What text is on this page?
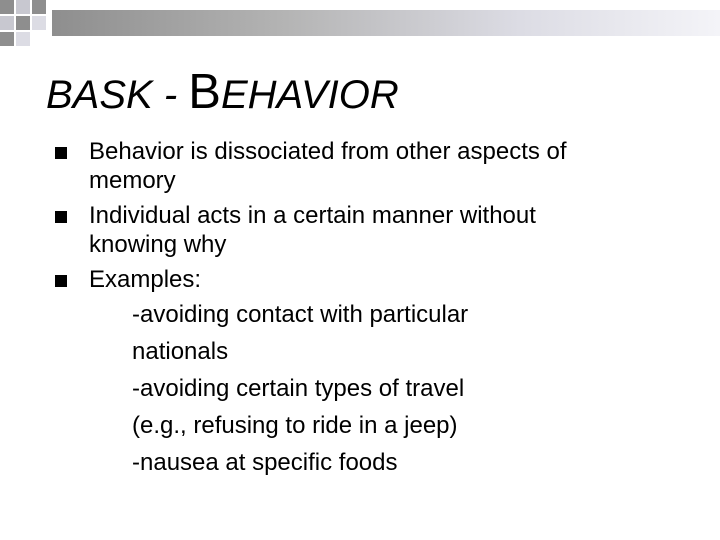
BASK - BEHAVIOR
Behavior is dissociated from other aspects of
memory
Individual acts in a certain manner without
knowing why
Examples:
-avoiding contact with particular
nationals
-avoiding certain types of travel
(e.g., refusing to ride in a jeep)
-nausea at specific foods
